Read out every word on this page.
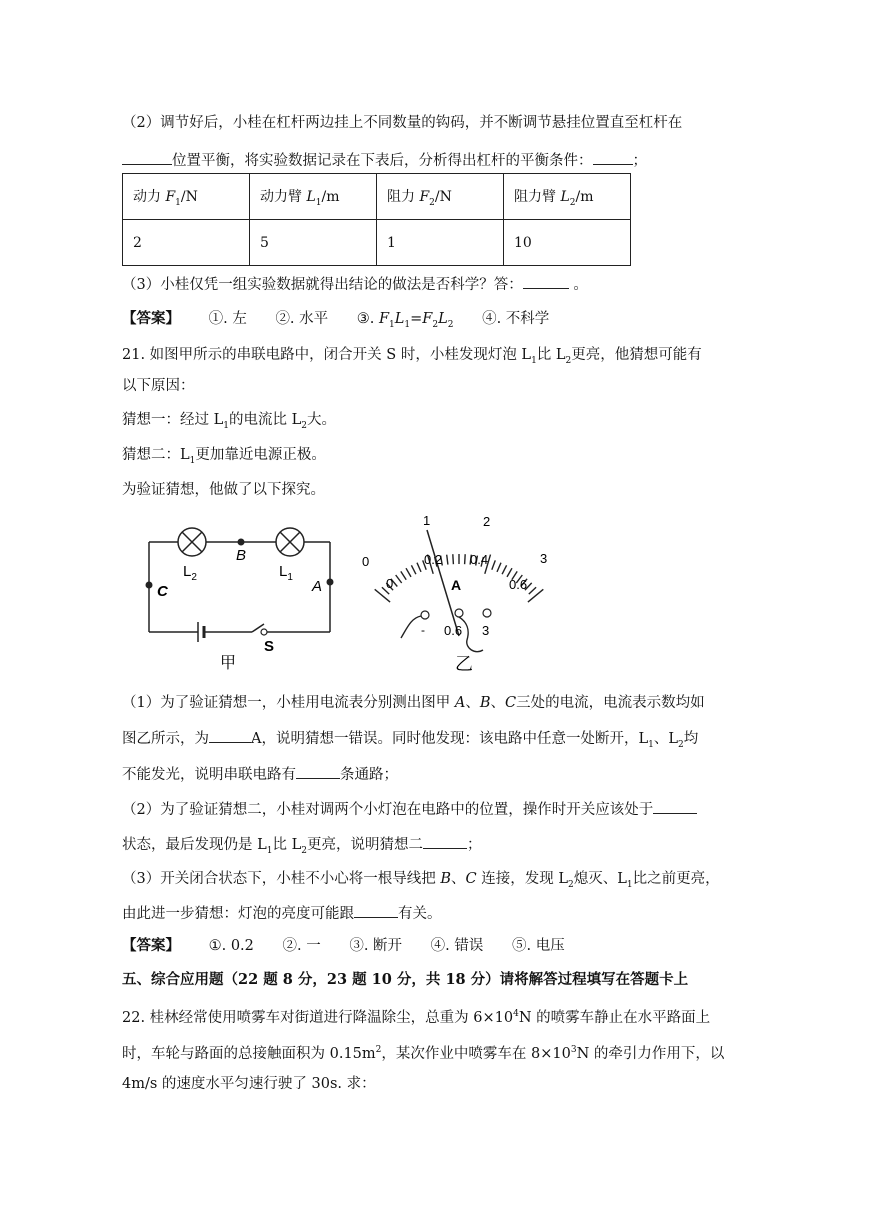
（2）调节好后，小桂在杠杆两边挂上不同数量的钩码，并不断调节悬挂位置直至杠杆在
位置平衡，将实验数据记录在下表后，分析得出杠杆的平衡条件：	；
动力 $F_1/N$	动力臂 $L_1/m$	阻力 $F_2/N$	阻力臂 $L_2/m$
2	5	1	10
（3）小桂仅凭一组实验数据就得出结论的做法是否科学？答：	。
【答案】 ①. 左 ②. 水平 ③. $F_1L_1=F_2L_2$ ④. 不科学
21. 如图甲所示的串联电路中，闭合开关 S 时，小桂发现灯泡 $L_1$比 $L_2$更亮，他猜想可能有
以下原因：
猜想一：经过 $L_1$的电流比 $L_2$大。
猜想二：$L_1$更加靠近电源正极。
为验证猜想，他做了以下探究。
$L_2$
B
$L_1$
C	A
S
甲
0
1	2
3
0
0.2 0.4
0.6
A
- 0.6 3
乙
（1）为了验证猜想一，小桂用电流表分别测出图甲 A、B、C三处的电流，电流表示数均如
图乙所示，为	A，说明猜想一错误。同时他发现：该电路中任意一处断开，$L_1$、$L_2$均
不能发光，说明串联电路有	条通路；
（2）为了验证猜想二，小桂对调两个小灯泡在电路中的位置，操作时开关应该处于
状态，最后发现仍是 $L_1$比 $L_2$更亮，说明猜想二	；
（3）开关闭合状态下，小桂不小心将一根导线把 B、C 连接，发现 $L_2$熄灭、$L_1$比之前更亮，
由此进一步猜想：灯泡的亮度可能跟	有关。
【答案】 ①. 0.2 ②. 一 ③. 断开 ④. 错误 ⑤. 电压
五、综合应用题（22 题 8 分，23 题 10 分，共 18 分）请将解答过程填写在答题卡上
22. 桂林经常使用喷雾车对街道进行降温除尘，总重为 $6\times 10^4N$ 的喷雾车静止在水平路面上
时，车轮与路面的总接触面积为 $0.15m^2$，某次作业中喷雾车在 $8\times 10^3N$ 的牵引力作用下，以
4m/s 的速度水平匀速行驶了 30s. 求：
